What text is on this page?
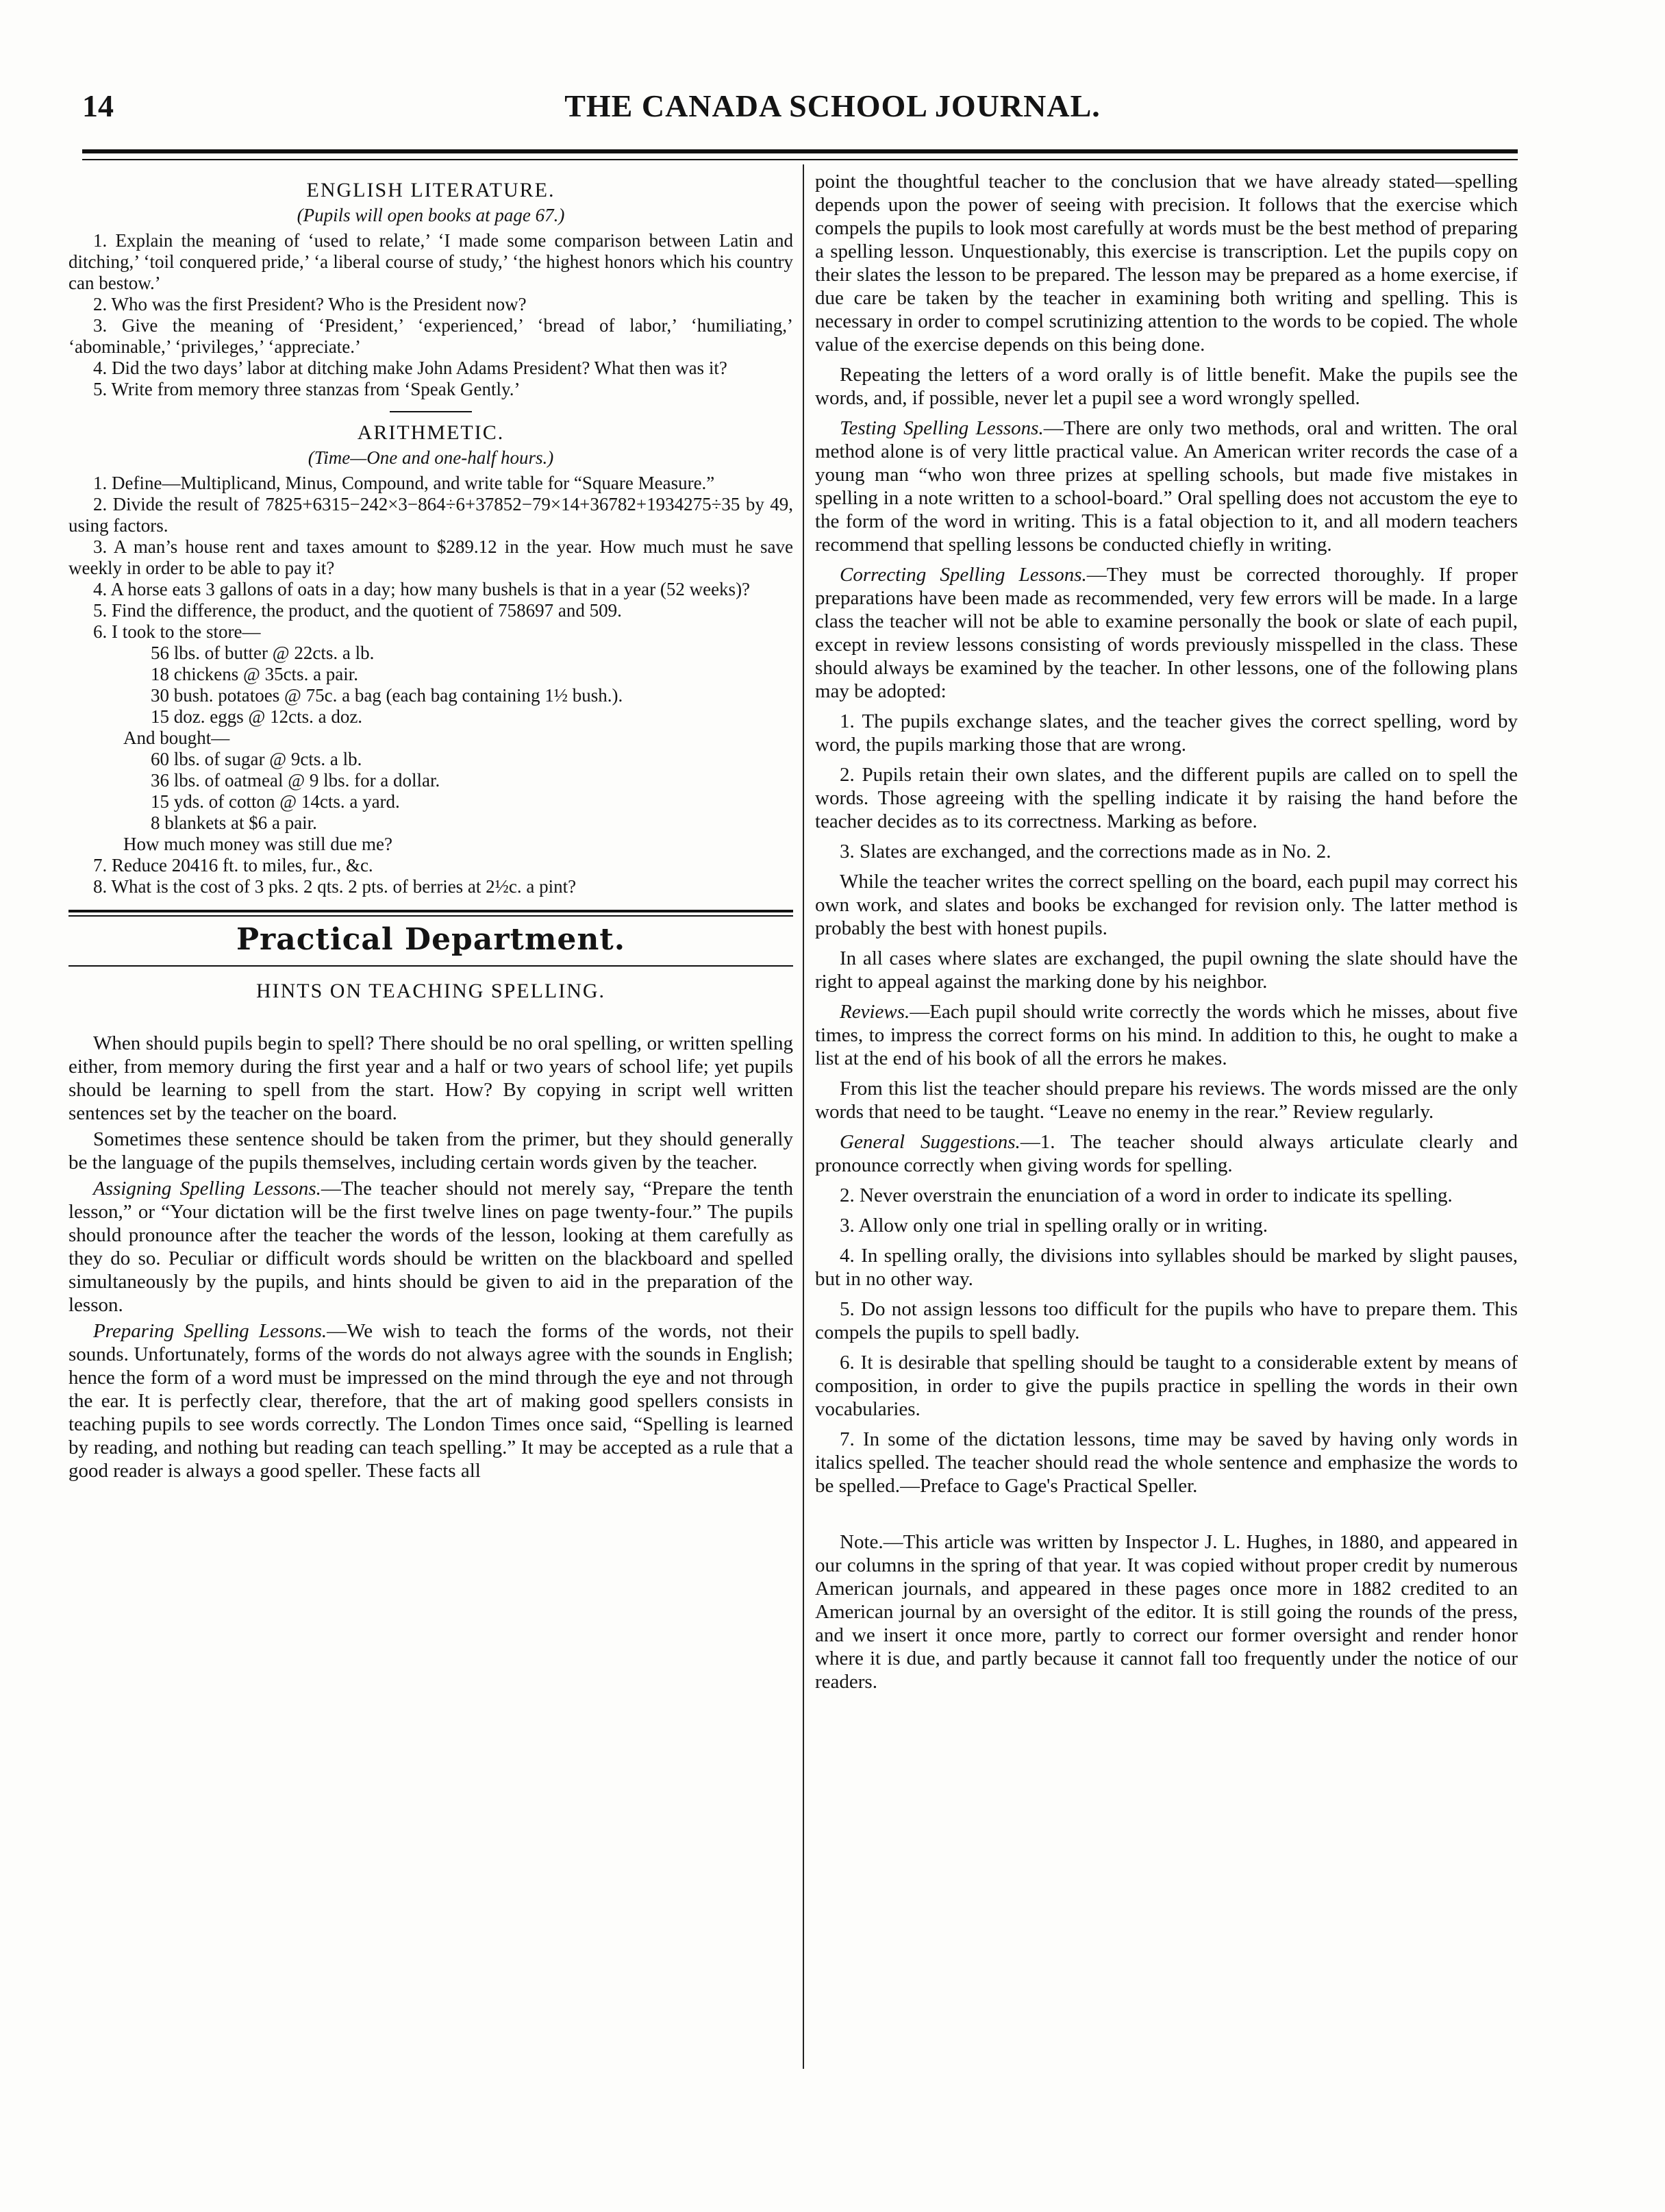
14	THE CANADA SCHOOL JOURNAL.
ENGLISH LITERATURE.
(Pupils will open books at page 67.)

1. Explain the meaning of ‘used to relate,’ ‘I made some comparison between Latin and ditching,’ ‘toil conquered pride,’ ‘a liberal course of study,’ ‘the highest honors which his country can bestow.’

2. Who was the first President? Who is the President now?

3. Give the meaning of ‘President,’ ‘experienced,’ ‘bread of labor,’ ‘humiliating,’ ‘abominable,’ ‘privileges,’ ‘appreciate.’

4. Did the two days’ labor at ditching make John Adams President? What then was it?

5. Write from memory three stanzas from ‘Speak Gently.’

ARITHMETIC.
(Time—One and one-half hours.)

1. Define—Multiplicand, Minus, Compound, and write table for “Square Measure.”

2. Divide the result of 7825+6315−242×3−864÷6+37852−79×14+36782+1934275÷35 by 49, using factors.

3. A man’s house rent and taxes amount to $289.12 in the year. How much must he save weekly in order to be able to pay it?

4. A horse eats 3 gallons of oats in a day; how many bushels is that in a year (52 weeks)?

5. Find the difference, the product, and the quotient of 758697 and 509.

6. I took to the store—

56 lbs. of butter @ 22cts. a lb.

18 chickens @ 35cts. a pair.

30 bush. potatoes @ 75c. a bag (each bag containing 1½ bush.).

15 doz. eggs @ 12cts. a doz.

And bought—

60 lbs. of sugar @ 9cts. a lb.

36 lbs. of oatmeal @ 9 lbs. for a dollar.

15 yds. of cotton @ 14cts. a yard.

8 blankets at $6 a pair.

How much money was still due me?

7. Reduce 20416 ft. to miles, fur., &c.

8. What is the cost of 3 pks. 2 qts. 2 pts. of berries at 2½c. a pint?

Practical Department.
HINTS ON TEACHING SPELLING.

When should pupils begin to spell? There should be no oral spelling, or written spelling either, from memory during the first year and a half or two years of school life; yet pupils should be learning to spell from the start. How? By copying in script well written sentences set by the teacher on the board.

Sometimes these sentence should be taken from the primer, but they should generally be the language of the pupils themselves, including certain words given by the teacher.

Assigning Spelling Lessons.—The teacher should not merely say, “Prepare the tenth lesson,” or “Your dictation will be the first twelve lines on page twenty-four.” The pupils should pronounce after the teacher the words of the lesson, looking at them carefully as they do so. Peculiar or difficult words should be written on the blackboard and spelled simultaneously by the pupils, and hints should be given to aid in the preparation of the lesson.

Preparing Spelling Lessons.—We wish to teach the forms of the words, not their sounds. Unfortunately, forms of the words do not always agree with the sounds in English; hence the form of a word must be impressed on the mind through the eye and not through the ear. It is perfectly clear, therefore, that the art of making good spellers consists in teaching pupils to see words correctly. The London Times once said, “Spelling is learned by reading, and nothing but reading can teach spelling.” It may be accepted as a rule that a good reader is always a good speller. These facts all

point the thoughtful teacher to the conclusion that we have already stated—spelling depends upon the power of seeing with precision. It follows that the exercise which compels the pupils to look most carefully at words must be the best method of preparing a spelling lesson. Unquestionably, this exercise is transcription. Let the pupils copy on their slates the lesson to be prepared. The lesson may be prepared as a home exercise, if due care be taken by the teacher in examining both writing and spelling. This is necessary in order to compel scrutinizing attention to the words to be copied. The whole value of the exercise depends on this being done.

Repeating the letters of a word orally is of little benefit. Make the pupils see the words, and, if possible, never let a pupil see a word wrongly spelled.

Testing Spelling Lessons.—There are only two methods, oral and written. The oral method alone is of very little practical value. An American writer records the case of a young man “who won three prizes at spelling schools, but made five mistakes in spelling in a note written to a school-board.” Oral spelling does not accustom the eye to the form of the word in writing. This is a fatal objection to it, and all modern teachers recommend that spelling lessons be conducted chiefly in writing.

Correcting Spelling Lessons.—They must be corrected thoroughly. If proper preparations have been made as recommended, very few errors will be made. In a large class the teacher will not be able to examine personally the book or slate of each pupil, except in review lessons consisting of words previously misspelled in the class. These should always be examined by the teacher. In other lessons, one of the following plans may be adopted:

1. The pupils exchange slates, and the teacher gives the correct spelling, word by word, the pupils marking those that are wrong.

2. Pupils retain their own slates, and the different pupils are called on to spell the words. Those agreeing with the spelling indicate it by raising the hand before the teacher decides as to its correctness. Marking as before.

3. Slates are exchanged, and the corrections made as in No. 2.

While the teacher writes the correct spelling on the board, each pupil may correct his own work, and slates and books be exchanged for revision only. The latter method is probably the best with honest pupils.

In all cases where slates are exchanged, the pupil owning the slate should have the right to appeal against the marking done by his neighbor.

Reviews.—Each pupil should write correctly the words which he misses, about five times, to impress the correct forms on his mind. In addition to this, he ought to make a list at the end of his book of all the errors he makes.

From this list the teacher should prepare his reviews. The words missed are the only words that need to be taught. “Leave no enemy in the rear.” Review regularly.

General Suggestions.—1. The teacher should always articulate clearly and pronounce correctly when giving words for spelling.

2. Never overstrain the enunciation of a word in order to indicate its spelling.

3. Allow only one trial in spelling orally or in writing.

4. In spelling orally, the divisions into syllables should be marked by slight pauses, but in no other way.

5. Do not assign lessons too difficult for the pupils who have to prepare them. This compels the pupils to spell badly.

6. It is desirable that spelling should be taught to a considerable extent by means of composition, in order to give the pupils practice in spelling the words in their own vocabularies.

7. In some of the dictation lessons, time may be saved by having only words in italics spelled. The teacher should read the whole sentence and emphasize the words to be spelled.—Preface to Gage's Practical Speller.

Note.—This article was written by Inspector J. L. Hughes, in 1880, and appeared in our columns in the spring of that year. It was copied without proper credit by numerous American journals, and appeared in these pages once more in 1882 credited to an American journal by an oversight of the editor. It is still going the rounds of the press, and we insert it once more, partly to correct our former oversight and render honor where it is due, and partly because it cannot fall too frequently under the notice of our readers.
